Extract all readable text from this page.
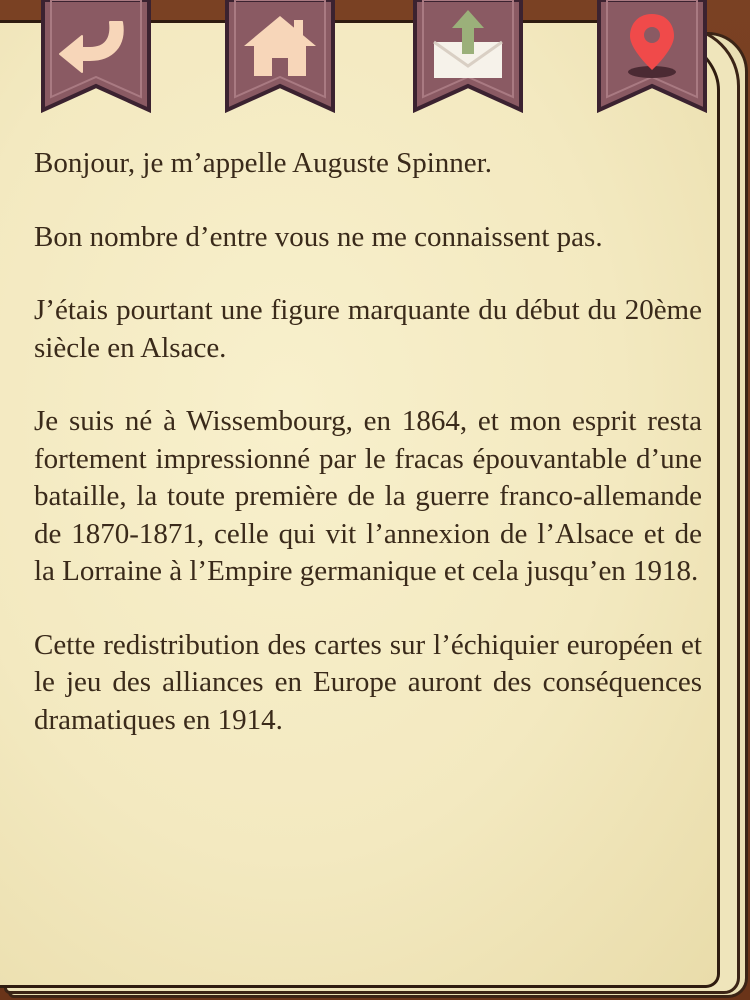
Bonjour, je m’appelle Auguste Spinner.

Bon nombre d’entre vous ne me connaissent pas.

J’étais pourtant une figure marquante du début du 20ème siècle en Alsace.

Je suis né à Wissembourg, en 1864, et mon esprit resta fortement impressionné par le fracas épouvantable d’une bataille, la toute première de la guerre franco-allemande de 1870-1871, celle qui vit l’annexion de l’Alsace et de la Lorraine à l’Empire germanique et cela jusqu’en 1918.

Cette redistribution des cartes sur l’échiquier européen et le jeu des alliances en Europe auront des conséquences dramatiques en 1914.
